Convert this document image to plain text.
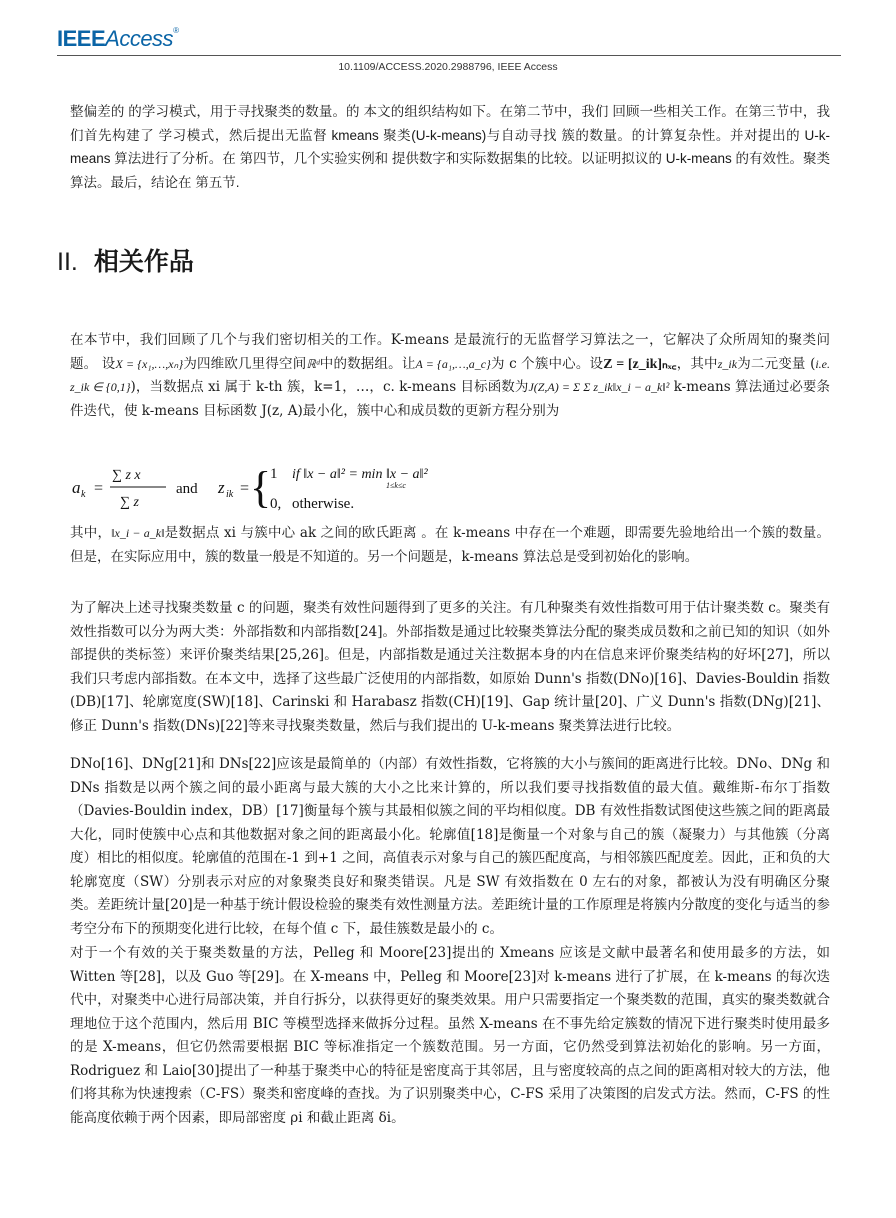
IEEEAccess®
10.1109/ACCESS.2020.2988796, IEEE Access

整偏差的 的学习模式，用于寻找聚类的数量。的 本文的组织结构如下。在第二节中，我们 回顾一些相关工作。在第三节中，我们首先构建了 学习模式，然后提出无监督 kmeans 聚类(U-k-means)与自动寻找 簇的数量。的计算复杂性。并对提出的 U-k-means 算法进行了分析。在 第四节，几个实验实例和 提供数字和实际数据集的比较。以证明拟议的 U-k-means 的有效性。聚类算法。最后，结论在 第五节.

II. 相关作品

在本节中，我们回顾了几个与我们密切相关的工作。K-means 是最流行的无监督学习算法之一，它解决了众所周知的聚类问题。 设X = {x₁,…,xₙ}为四维欧几里得空间ℝᵈ中的数据组。让A = {a₁,…,a_c}为 c 个簇中心。设Z = [z_ik]ₙₓ꜀，其中z_ik为二元变量 (i.e. z_ik ∈ {0,1})，当数据点 xi 属于 k-th 簇，k=1，…，c. k-means 目标函数为J(Z,A) = Σ Σ z_ik‖x_i − a_k‖² k-means 算法通过必要条件迭代，使 k-means 目标函数 J(z, A)最小化，簇中心和成员数的更新方程分别为

a k =
∑ z x
∑ z
and z ik = {
1 if ‖x − a‖² = min ‖x − a‖²
1≤k≤c
0, otherwise.

其中，‖x_i − a_k‖是数据点 xi 与簇中心 ak 之间的欧氏距离 。在 k-means 中存在一个难题，即需要先验地给出一个簇的数量。但是，在实际应用中，簇的数量一般是不知道的。另一个问题是，k-means 算法总是受到初始化的影响。

为了解决上述寻找聚类数量 c 的问题，聚类有效性问题得到了更多的关注。有几种聚类有效性指数可用于估计聚类数 c。聚类有效性指数可以分为两大类：外部指数和内部指数[24]。外部指数是通过比较聚类算法分配的聚类成员数和之前已知的知识（如外部提供的类标签）来评价聚类结果[25,26]。但是，内部指数是通过关注数据本身的内在信息来评价聚类结构的好坏[27]，所以我们只考虑内部指数。在本文中，选择了这些最广泛使用的内部指数，如原始 Dunn's 指数(DNo)[16]、Davies-Bouldin 指数(DB)[17]、轮廓宽度(SW)[18]、Carinski 和 Harabasz 指数(CH)[19]、Gap 统计量[20]、广义 Dunn's 指数(DNg)[21]、修正 Dunn's 指数(DNs)[22]等来寻找聚类数量，然后与我们提出的 U-k-means 聚类算法进行比较。

DNo[16]、DNg[21]和 DNs[22]应该是最简单的（内部）有效性指数，它将簇的大小与簇间的距离进行比较。DNo、DNg 和 DNs 指数是以两个簇之间的最小距离与最大簇的大小之比来计算的，所以我们要寻找指数值的最大值。戴维斯-布尔丁指数（Davies-Bouldin index，DB）[17]衡量每个簇与其最相似簇之间的平均相似度。DB 有效性指数试图使这些簇之间的距离最大化，同时使簇中心点和其他数据对象之间的距离最小化。轮廓值[18]是衡量一个对象与自己的簇（凝聚力）与其他簇（分离度）相比的相似度。轮廓值的范围在-1 到+1 之间，高值表示对象与自己的簇匹配度高，与相邻簇匹配度差。因此，正和负的大轮廓宽度（SW）分别表示对应的对象聚类良好和聚类错误。凡是 SW 有效指数在 0 左右的对象，都被认为没有明确区分聚类。差距统计量[20]是一种基于统计假设检验的聚类有效性测量方法。差距统计量的工作原理是将簇内分散度的变化与适当的参考空分布下的预期变化进行比较，在每个值 c 下，最佳簇数是最小的 c。

对于一个有效的关于聚类数量的方法，Pelleg 和 Moore[23]提出的 Xmeans 应该是文献中最著名和使用最多的方法，如 Witten 等[28]，以及 Guo 等[29]。在 X-means 中，Pelleg 和 Moore[23]对 k-means 进行了扩展，在 k-means 的每次迭代中，对聚类中心进行局部决策，并自行拆分，以获得更好的聚类效果。用户只需要指定一个聚类数的范围，真实的聚类数就合理地位于这个范围内，然后用 BIC 等模型选择来做拆分过程。虽然 X-means 在不事先给定簇数的情况下进行聚类时使用最多的是 X-means，但它仍然需要根据 BIC 等标准指定一个簇数范围。另一方面，它仍然受到算法初始化的影响。另一方面，Rodriguez 和 Laio[30]提出了一种基于聚类中心的特征是密度高于其邻居，且与密度较高的点之间的距离相对较大的方法，他们将其称为快速搜索（C-FS）聚类和密度峰的查找。为了识别聚类中心，C-FS 采用了决策图的启发式方法。然而，C-FS 的性能高度依赖于两个因素，即局部密度 ρi 和截止距离 δi。
